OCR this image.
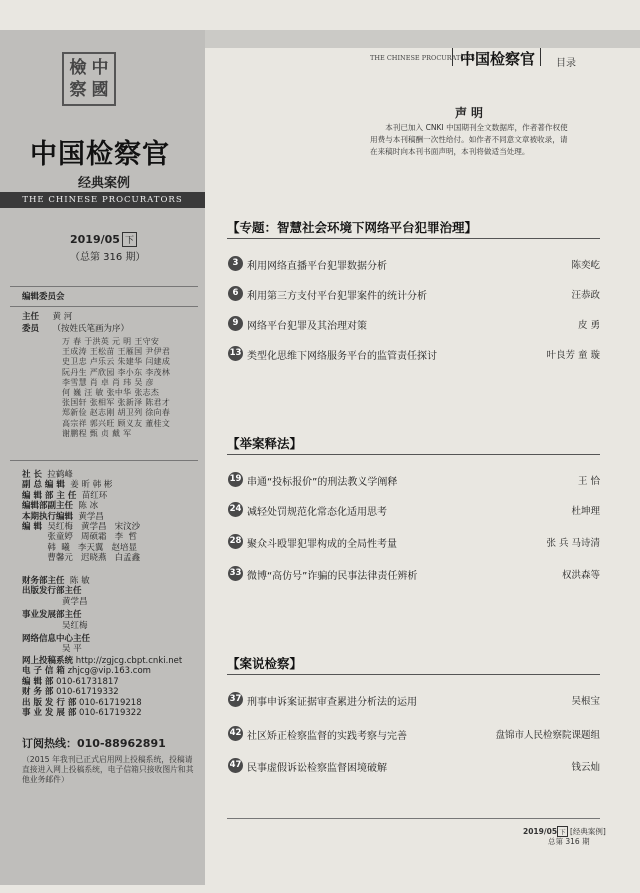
檢 中
察 國
中国检察官
经典案例
THE CHINESE PROCURATORS
2019/05 下
（总第 316 期）
编辑委员会
主任 黄 河
委员 （按姓氏笔画为序）
万 春 于洪英 元 明 王守安
王成涛 王松苗 王雁国 尹伊君
史卫忠 卢乐云 朱建华 闫建成
阮丹生 严欣园 李小东 李茂林
李雪慧 肖 卓 肖 玮 吴 彦
何 巍 汪 敏 张中华 张志杰
张国轩 张相军 张新泽 陈君才
郑新俭 赵志刚 胡卫列 徐向春
高宗祥 郭兴旺 顾义友 董桂文
谢鹏程 甄 贞 戴 军
社 长 拉鹤峰
副 总 编 辑 姜 昕 韩 彬
编 辑 部 主 任 苗红环
编辑部副主任 陈 冰
本期执行编辑 黄学昌
编 辑
吴红梅   黄学昌   宋汶沙
张童婷   周硕霜   李  哲
韩  曦   李天翼   赵培显
曹馨元   迟晓燕   白孟鑫
财务部主任 陈 敏
出版发行部主任
黄学昌
事业发展部主任
吴红梅
网络信息中心主任
吴 平
网上投稿系统 http://zgjcg.cbpt.cnki.net
电 子 信 箱 zhjcg@vip.163.com
编 辑 部 010-61731817
财 务 部 010-61719332
出 版 发 行 部 010-61719218
事 业 发 展 部 010-61719322
订阅热线：010-88962891
（2015 年我刊已正式启用网上投稿系统，投稿请直接进入网上投稿系统，电子信箱只接收图片和其他业务邮件）
THE CHINESE PROCURATORS
中国检察官 目录
声明
本刊已加入 CNKI 中国期刊全文数据库，作者著作权使用费与本刊稿酬一次性给付。如作者不同意文章被收录，请在来稿时向本刊书面声明，本刊将做适当处理。
【专题：智慧社会环境下网络平台犯罪治理】
3 利用网络直播平台犯罪数据分析	陈奕屹
6 利用第三方支付平台犯罪案件的统计分析	汪恭政
9 网络平台犯罪及其治理对策	皮 勇
13 类型化思维下网络服务平台的监管责任探讨	叶良芳 童 璇
【举案释法】
19 串通“投标报价”的刑法教义学阐释	王 恰
24 减轻处罚规范化常态化适用思考	杜坤理
28 聚众斗殴罪犯罪构成的全局性考量	张 兵 马诗清
33 微博“高仿号”诈骗的民事法律责任辨析	权洪森等
【案说检察】
37 刑事申诉案证据审查累进分析法的运用	吴根宝
42 社区矫正检察监督的实践考察与完善	盘锦市人民检察院课题组
47 民事虚假诉讼检察监督困境破解	钱云灿
2019/05 下 [经典案例]
总第 316 期
